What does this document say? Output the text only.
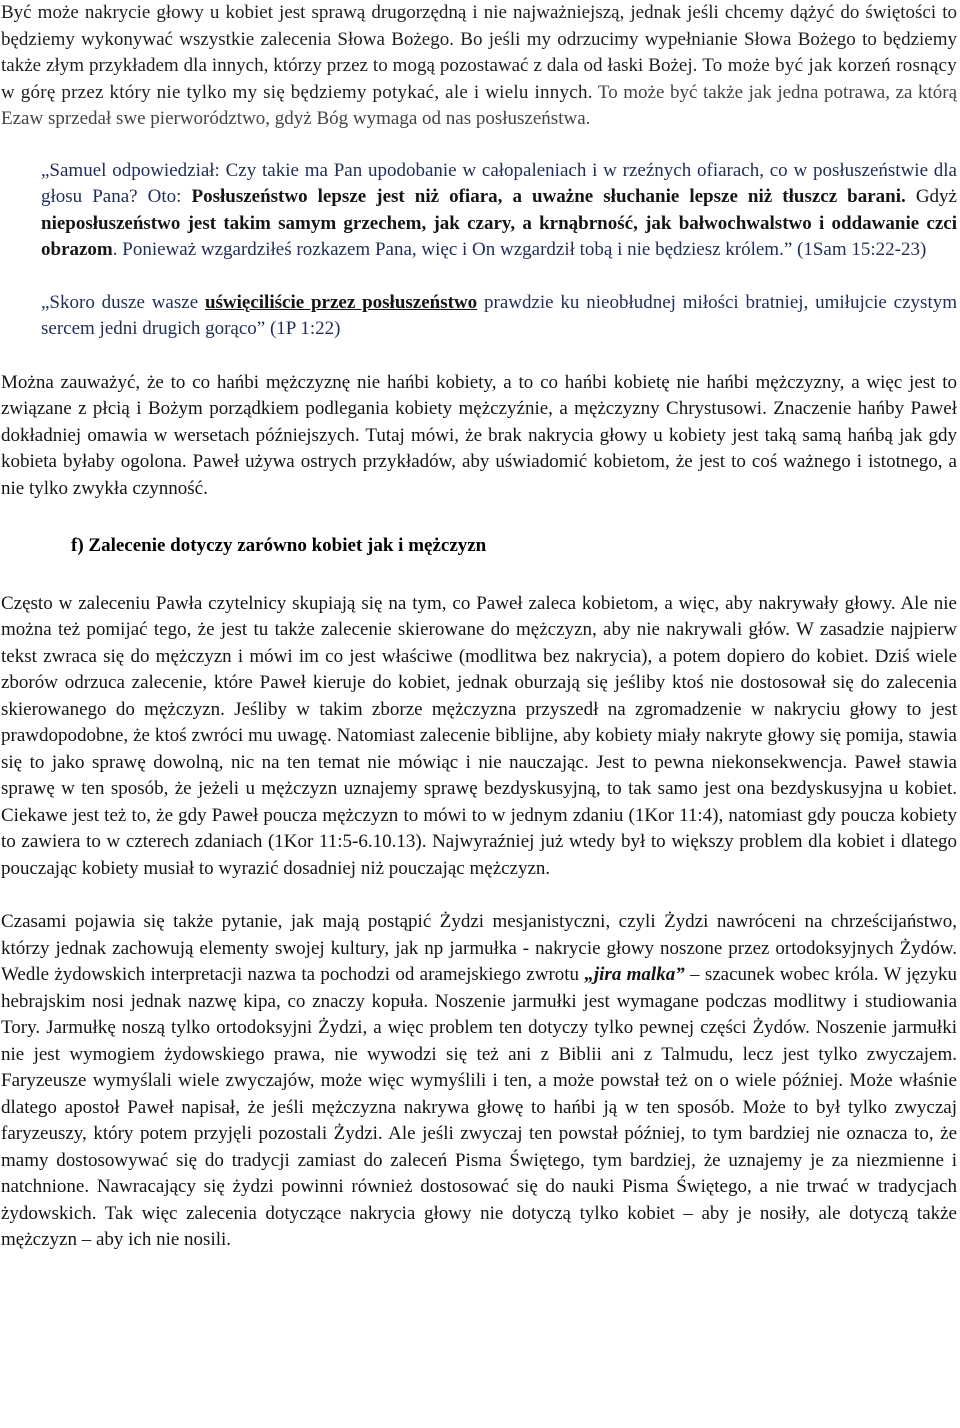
Być może nakrycie głowy u kobiet jest sprawą drugorzędną i nie najważniejszą, jednak jeśli chcemy dążyć do świętości to będziemy wykonywać wszystkie zalecenia Słowa Bożego. Bo jeśli my odrzucimy wypełnianie Słowa Bożego to będziemy także złym przykładem dla innych, którzy przez to mogą pozostawać z dala od łaski Bożej. To może być jak korzeń rosnący w górę przez który nie tylko my się będziemy potykać, ale i wielu innych. To może być także jak jedna potrawa, za którą Ezaw sprzedał swe pierworództwo, gdyż Bóg wymaga od nas posłuszeństwa.

„Samuel odpowiedział: Czy takie ma Pan upodobanie w całopaleniach i w rzeźnych ofiarach, co w posłuszeństwie dla głosu Pana? Oto: Posłuszeństwo lepsze jest niż ofiara, a uważne słuchanie lepsze niż tłuszcz barani. Gdyż nieposłuszeństwo jest takim samym grzechem, jak czary, a krnąbrność, jak bałwochwalstwo i oddawanie czci obrazom. Ponieważ wzgardziłeś rozkazem Pana, więc i On wzgardził tobą i nie będziesz królem.” (1Sam 15:22-23)

„Skoro dusze wasze uświęciliście przez posłuszeństwo prawdzie ku nieobłudnej miłości bratniej, umiłujcie czystym sercem jedni drugich gorąco” (1P 1:22)

Można zauważyć, że to co hańbi mężczyznę nie hańbi kobiety, a to co hańbi kobietę nie hańbi mężczyzny, a więc jest to związane z płcią i Bożym porządkiem podlegania kobiety mężczyźnie, a mężczyzny Chrystusowi. Znaczenie hańby Paweł dokładniej omawia w wersetach późniejszych. Tutaj mówi, że brak nakrycia głowy u kobiety jest taką samą hańbą jak gdy kobieta byłaby ogolona. Paweł używa ostrych przykładów, aby uświadomić kobietom, że jest to coś ważnego i istotnego, a nie tylko zwykła czynność.

f) Zalecenie dotyczy zarówno kobiet jak i mężczyzn

Często w zaleceniu Pawła czytelnicy skupiają się na tym, co Paweł zaleca kobietom, a więc, aby nakrywały głowy. Ale nie można też pomijać tego, że jest tu także zalecenie skierowane do mężczyzn, aby nie nakrywali głów. W zasadzie najpierw tekst zwraca się do mężczyzn i mówi im co jest właściwe (modlitwa bez nakrycia), a potem dopiero do kobiet. Dziś wiele zborów odrzuca zalecenie, które Paweł kieruje do kobiet, jednak oburzają się jeśliby ktoś nie dostosował się do zalecenia skierowanego do mężczyzn. Jeśliby w takim zborze mężczyzna przyszedł na zgromadzenie w nakryciu głowy to jest prawdopodobne, że ktoś zwróci mu uwagę. Natomiast zalecenie biblijne, aby kobiety miały nakryte głowy się pomija, stawia się to jako sprawę dowolną, nic na ten temat nie mówiąc i nie nauczając. Jest to pewna niekonsekwencja. Paweł stawia sprawę w ten sposób, że jeżeli u mężczyzn uznajemy sprawę bezdyskusyjną, to tak samo jest ona bezdyskusyjna u kobiet. Ciekawe jest też to, że gdy Paweł poucza mężczyzn to mówi to w jednym zdaniu (1Kor 11:4), natomiast gdy poucza kobiety to zawiera to w czterech zdaniach (1Kor 11:5-6.10.13). Najwyraźniej już wtedy był to większy problem dla kobiet i dlatego pouczając kobiety musiał to wyrazić dosadniej niż pouczając mężczyzn.

Czasami pojawia się także pytanie, jak mają postąpić Żydzi mesjanistyczni, czyli Żydzi nawróceni na chrześcijaństwo, którzy jednak zachowują elementy swojej kultury, jak np jarmułka - nakrycie głowy noszone przez ortodoksyjnych Żydów. Wedle żydowskich interpretacji nazwa ta pochodzi od aramejskiego zwrotu „jira malka” – szacunek wobec króla. W języku hebrajskim nosi jednak nazwę kipa, co znaczy kopuła. Noszenie jarmułki jest wymagane podczas modlitwy i studiowania Tory. Jarmułkę noszą tylko ortodoksyjni Żydzi, a więc problem ten dotyczy tylko pewnej części Żydów. Noszenie jarmułki nie jest wymogiem żydowskiego prawa, nie wywodzi się też ani z Biblii ani z Talmudu, lecz jest tylko zwyczajem. Faryzeusze wymyślali wiele zwyczajów, może więc wymyślili i ten, a może powstał też on o wiele później. Może właśnie dlatego apostoł Paweł napisał, że jeśli mężczyzna nakrywa głowę to hańbi ją w ten sposób. Może to był tylko zwyczaj faryzeuszy, który potem przyjęli pozostali Żydzi. Ale jeśli zwyczaj ten powstał później, to tym bardziej nie oznacza to, że mamy dostosowywać się do tradycji zamiast do zaleceń Pisma Świętego, tym bardziej, że uznajemy je za niezmienne i natchnione. Nawracający się żydzi powinni również dostosować się do nauki Pisma Świętego, a nie trwać w tradycjach żydowskich. Tak więc zalecenia dotyczące nakrycia głowy nie dotyczą tylko kobiet – aby je nosiły, ale dotyczą także mężczyzn – aby ich nie nosili.
